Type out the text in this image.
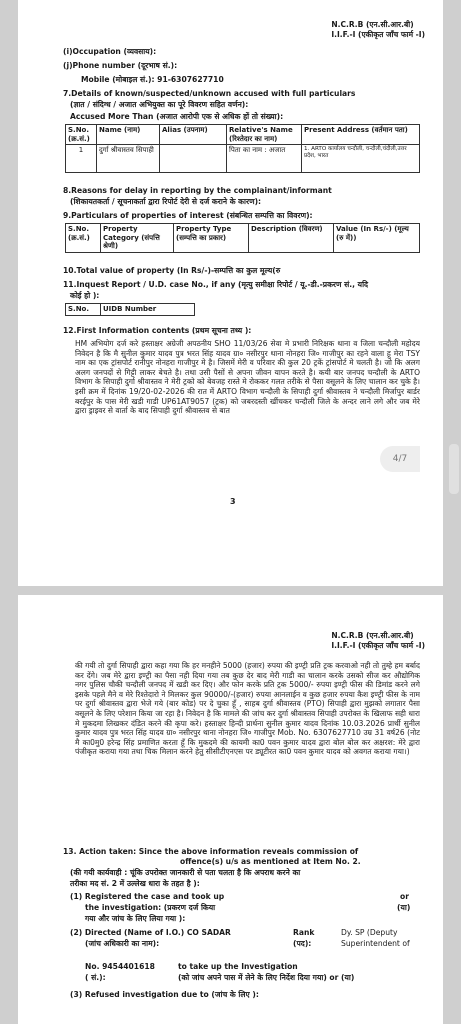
N.C.R.B (एन.सी.आर.बी)
I.I.F.-I (एकीकृत जाँच फार्म -I)
(i)Occupation (व्यवसाय):
(j)Phone number (दूरभाष सं.):
Mobile (मोबाइल सं.): 91-6307627710
7.Details of known/suspected/unknown accused with full particulars
(ज्ञात / संदिग्ध / अजात अभियुक्त का पूरे विवरण सहित वर्णन):
Accused More Than (अजात आरोपी एक से अधिक हों तो संख्या):
S.No. (क्र.सं.)	Name (नाम)	Alias (उपनाम)	Relative's Name (रिश्तेदार का नाम)	Present Address (वर्तमान पता)
1	दुर्गा श्रीवास्तव सिपाही		पिता का नाम : अजात	1. ARTO कार्यालय चन्दौली, चन्दौली,चंदौली,उत्तर प्रदेश, भारत
8.Reasons for delay in reporting by the complainant/informant
(शिकायतकर्ता / सूचनाकर्ता द्वारा रिपोर्ट देरी से दर्ज कराने के कारण):
9.Particulars of properties of interest (संबन्धित सम्पत्ति का विवरण):
S.No. (क्र.सं.)	Property Category (संपत्ति श्रेणी)	Property Type (सम्पत्ति का प्रकार)	Description (विवरण)	Value (In Rs/-) (मूल्य (रु में))
10.Total value of property (In Rs/-)-सम्पत्ति का कुल मूल्य(रु
11.Inquest Report / U.D. case No., if any (मृत्यु समीक्षा रिपोर्ट / यू.-डी.-प्रकरण सं., यदि
कोई हो ):
S.No.	UIDB Number
12.First Information contents (प्रथम सूचना तथ्य ):
HM अभियोग दर्ज करे हस्ताक्षर अग्रेजी अपठनीय SHO 11/03/26 सेवा मे प्रभारी निरिक्षक थाना व जिला चन्दौली महोदय निवेदन है कि मै सुनील कुमार यादव पुत्र भरत सिंह यादव ग्रा० नसीरपुर थाना नोनहरा जि० गाजीपुर का रहने वाला हू मेरा TSY नाम का एक ट्रांसपोर्ट रानीपुर नोनहरा गाजीपुर मे है। जिसमें मेरी व परिवार की कुल 20 ट्रकें ट्रांसपोर्ट मे चलती है। जो कि अलग अलग जनपदों से गिट्टी लाकर बेचते है। तथा उसी पैसों से अपना जीवन यापन करते है। कयी बार जनपद चन्दौली के ARTO विभाग के सिपाही दुर्गा श्रीवास्तव ने मेरी ट्रको को बेवजह रास्ते मे रोककर गलत तरीके से पैसा वसूलने के लिए चालान कर चुके है। इसी क्रम में दिनांक 19/20-02-2026 की रात में ARTO विभाग चन्दौली के सिपाही दुर्गा श्रीवास्तव ने चन्दौली मिर्जापुर बार्डर बरईपुर के पास मेरी खडी गाडी UP61AT9057 (ट्रक) को जबरदस्ती खींचकर चन्दौली जिले के अन्दर लाने लगे और जब मेरे द्वारा ड्राइवर से वार्ता के बाद सिपाही दुर्गा श्रीवास्तव से बात
3
4/7
N.C.R.B (एन.सी.आर.बी)
I.I.F.-I (एकीकृत जाँच फार्म -I)
की गयी तो दुर्गा सिपाही द्वारा कहा गया कि हर मनहीने 5000 (हजार) रुपया की इण्ट्री प्रति ट्रक करवाओ नही तो तुम्हे हम बर्बाद कर देंगे। जब मेरे द्वारा इण्ट्री का पैसा नही दिया गया तब कुछ देर बाद मेरी गाडी का चालान करके उसको सीज कर औद्योगिक नगर पुलिस चौकी चन्दौली जनपद में खडी कर दिए। और फोन करके प्रति ट्रक 5000/- रुपया इण्ट्री फीस की डिमांड करने लगे इसके पहले मैने व मेरे रिश्तेदारो ने मिलकर कुल 90000/-(हजार) रुपया आनलाईन व कुछ हजार रुपया कैश इण्ट्री फीस के नाम पर दुर्गा श्रीवास्तव द्वारा भेजे गये (बार कोड) पर दे चुका हूँ , साहब दुर्गा श्रीवास्तव (PTO) सिपाही द्वारा मुझको लगातार पैसा वसूलने के लिए परेशान किया जा रहा है। निवेदन है कि मामले की जांच कर दुर्गा श्रीवास्तव सिपाही उपरोक्त के खिलाफ सही धारा मे मुकदमा लिखकर दंडित करने की कृपा करे। हस्ताक्षर हिन्दी प्रार्थना सुनील कुमार यादव दिनांक 10.03.2026 प्रार्थी सुनील कुमार यादव पुत्र भरत सिंह यादव ग्रा० नसीरपुर थाना नोनहरा जि० गाजीपुर Mob. No. 6307627710 उम्र 31 वर्ष26 (नोट मै का0मु0 हरेन्द्र सिंह प्रमाणित करता हूँ कि मुकदमे की कायमी का0 पवन कुमार यादव द्वारा बोल बोल कर अक्षरश: मेरे द्वारा पंजीकृत कराया गया तथा चिक मिलान करने हेतु सीसीटीएनएस पर ड्यूटीरत का0 पवन कुमार यादव को अवगत कराया गया।)
13. Action taken: Since the above information reveals commission of
offence(s) u/s as mentioned at Item No. 2.
(की गयी कार्यवाही : चूंकि उपरोक्त जानकारी से पता चलता है कि अपराध करने का
तरीका मद सं. 2 में उल्लेख धारा के तहत है ):
(1) Registered the case and took up
the investigation: (प्रकरण दर्ज किया
गया और जांच के लिए लिया गया ):
or
(या)
(2) Directed (Name of I.O.) CO SADAR
(जांच अधिकारी का नाम):
Rank
(पद):
Dy. SP (Deputy
Superintendent of
No. 9454401618
( सं.):
to take up the Investigation
(को जांच अपने पास में लेने के लिए निर्देश दिया गया) or (या)
(3) Refused investigation due to (जांच के लिए ):
